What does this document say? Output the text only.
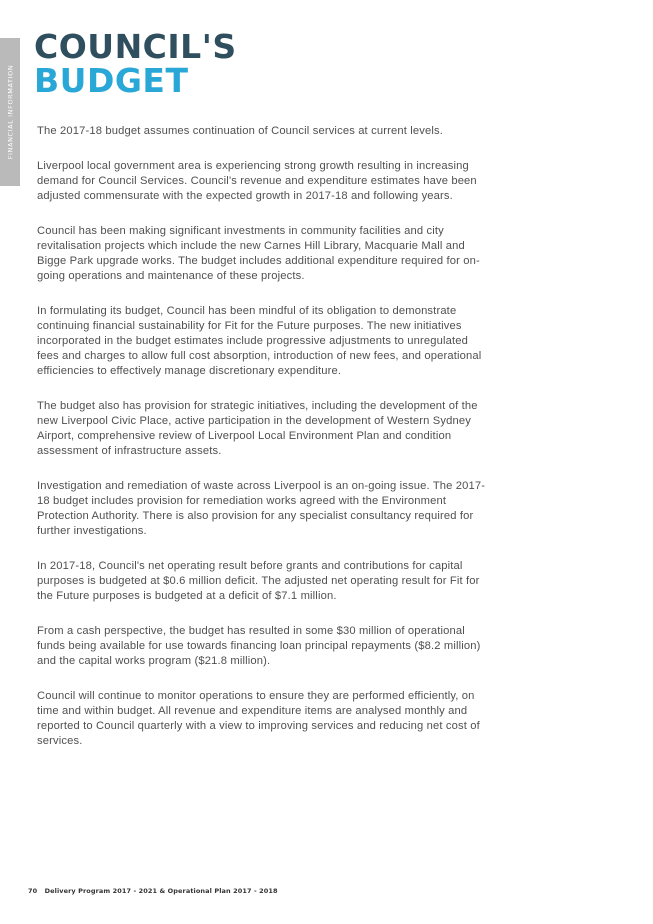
FINANCIAL INFORMATION
COUNCIL'S
BUDGET

The 2017-18 budget assumes continuation of Council services at current levels.

Liverpool local government area is experiencing strong growth resulting in increasing demand for Council Services. Council's revenue and expenditure estimates have been adjusted commensurate with the expected growth in 2017-18 and following years.

Council has been making significant investments in community facilities and city revitalisation projects which include the new Carnes Hill Library, Macquarie Mall and Bigge Park upgrade works. The budget includes additional expenditure required for on-going operations and maintenance of these projects.

In formulating its budget, Council has been mindful of its obligation to demonstrate continuing financial sustainability for Fit for the Future purposes. The new initiatives incorporated in the budget estimates include progressive adjustments to unregulated fees and charges to allow full cost absorption, introduction of new fees, and operational efficiencies to effectively manage discretionary expenditure.

The budget also has provision for strategic initiatives, including the development of the new Liverpool Civic Place, active participation in the development of Western Sydney Airport, comprehensive review of Liverpool Local Environment Plan and condition assessment of infrastructure assets.

Investigation and remediation of waste across Liverpool is an on-going issue. The 2017-18 budget includes provision for remediation works agreed with the Environment Protection Authority. There is also provision for any specialist consultancy required for further investigations.

In 2017-18, Council's net operating result before grants and contributions for capital purposes is budgeted at $0.6 million deficit. The adjusted net operating result for Fit for the Future purposes is budgeted at a deficit of $7.1 million.

From a cash perspective, the budget has resulted in some $30 million of operational funds being available for use towards financing loan principal repayments ($8.2 million) and the capital works program ($21.8 million).

Council will continue to monitor operations to ensure they are performed efficiently, on time and within budget. All revenue and expenditure items are analysed monthly and reported to Council quarterly with a view to improving services and reducing net cost of services.

70 Delivery Program 2017 - 2021 & Operational Plan 2017 - 2018
